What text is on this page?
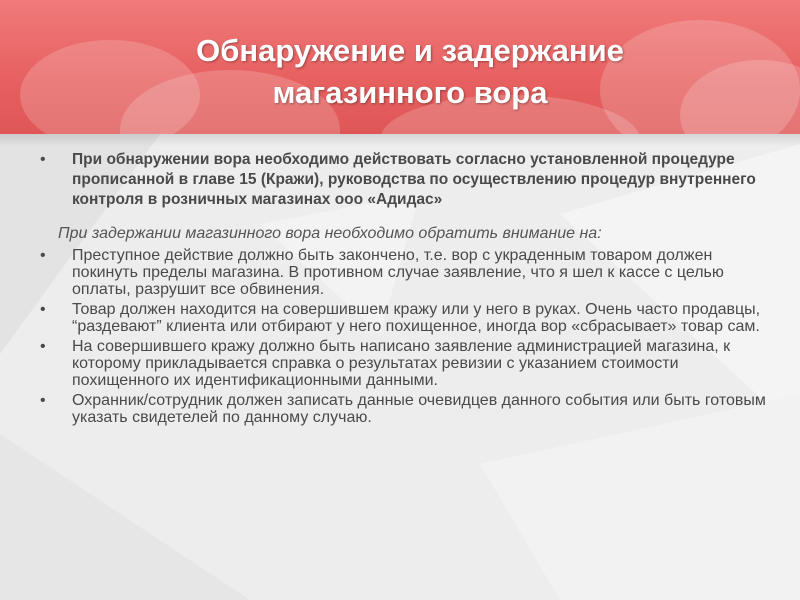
Обнаружение и задержание
магазинного вора
•	При обнаружении вора необходимо действовать согласно установленной процедуре прописанной в главе 15 (Кражи), руководства по осуществлению процедур внутреннего контроля в розничных магазинах ооо «Адидас»
При задержании магазинного вора необходимо обратить внимание на:
•	Преступное действие должно быть закончено, т.е. вор с украденным товаром должен покинуть пределы магазина. В противном случае заявление, что я шел к кассе с целью оплаты, разрушит все обвинения.
•	Товар должен находится на совершившем кражу или у него в руках. Очень часто продавцы, “раздевают” клиента или отбирают у него похищенное, иногда вор «сбрасывает» товар сам.
•	На совершившего кражу должно быть написано заявление администрацией магазина, к которому прикладывается справка о результатах ревизии с указанием стоимости похищенного их идентификационными данными.
•	Охранник/сотрудник должен записать данные очевидцев данного события или быть готовым указать свидетелей по данному случаю.
